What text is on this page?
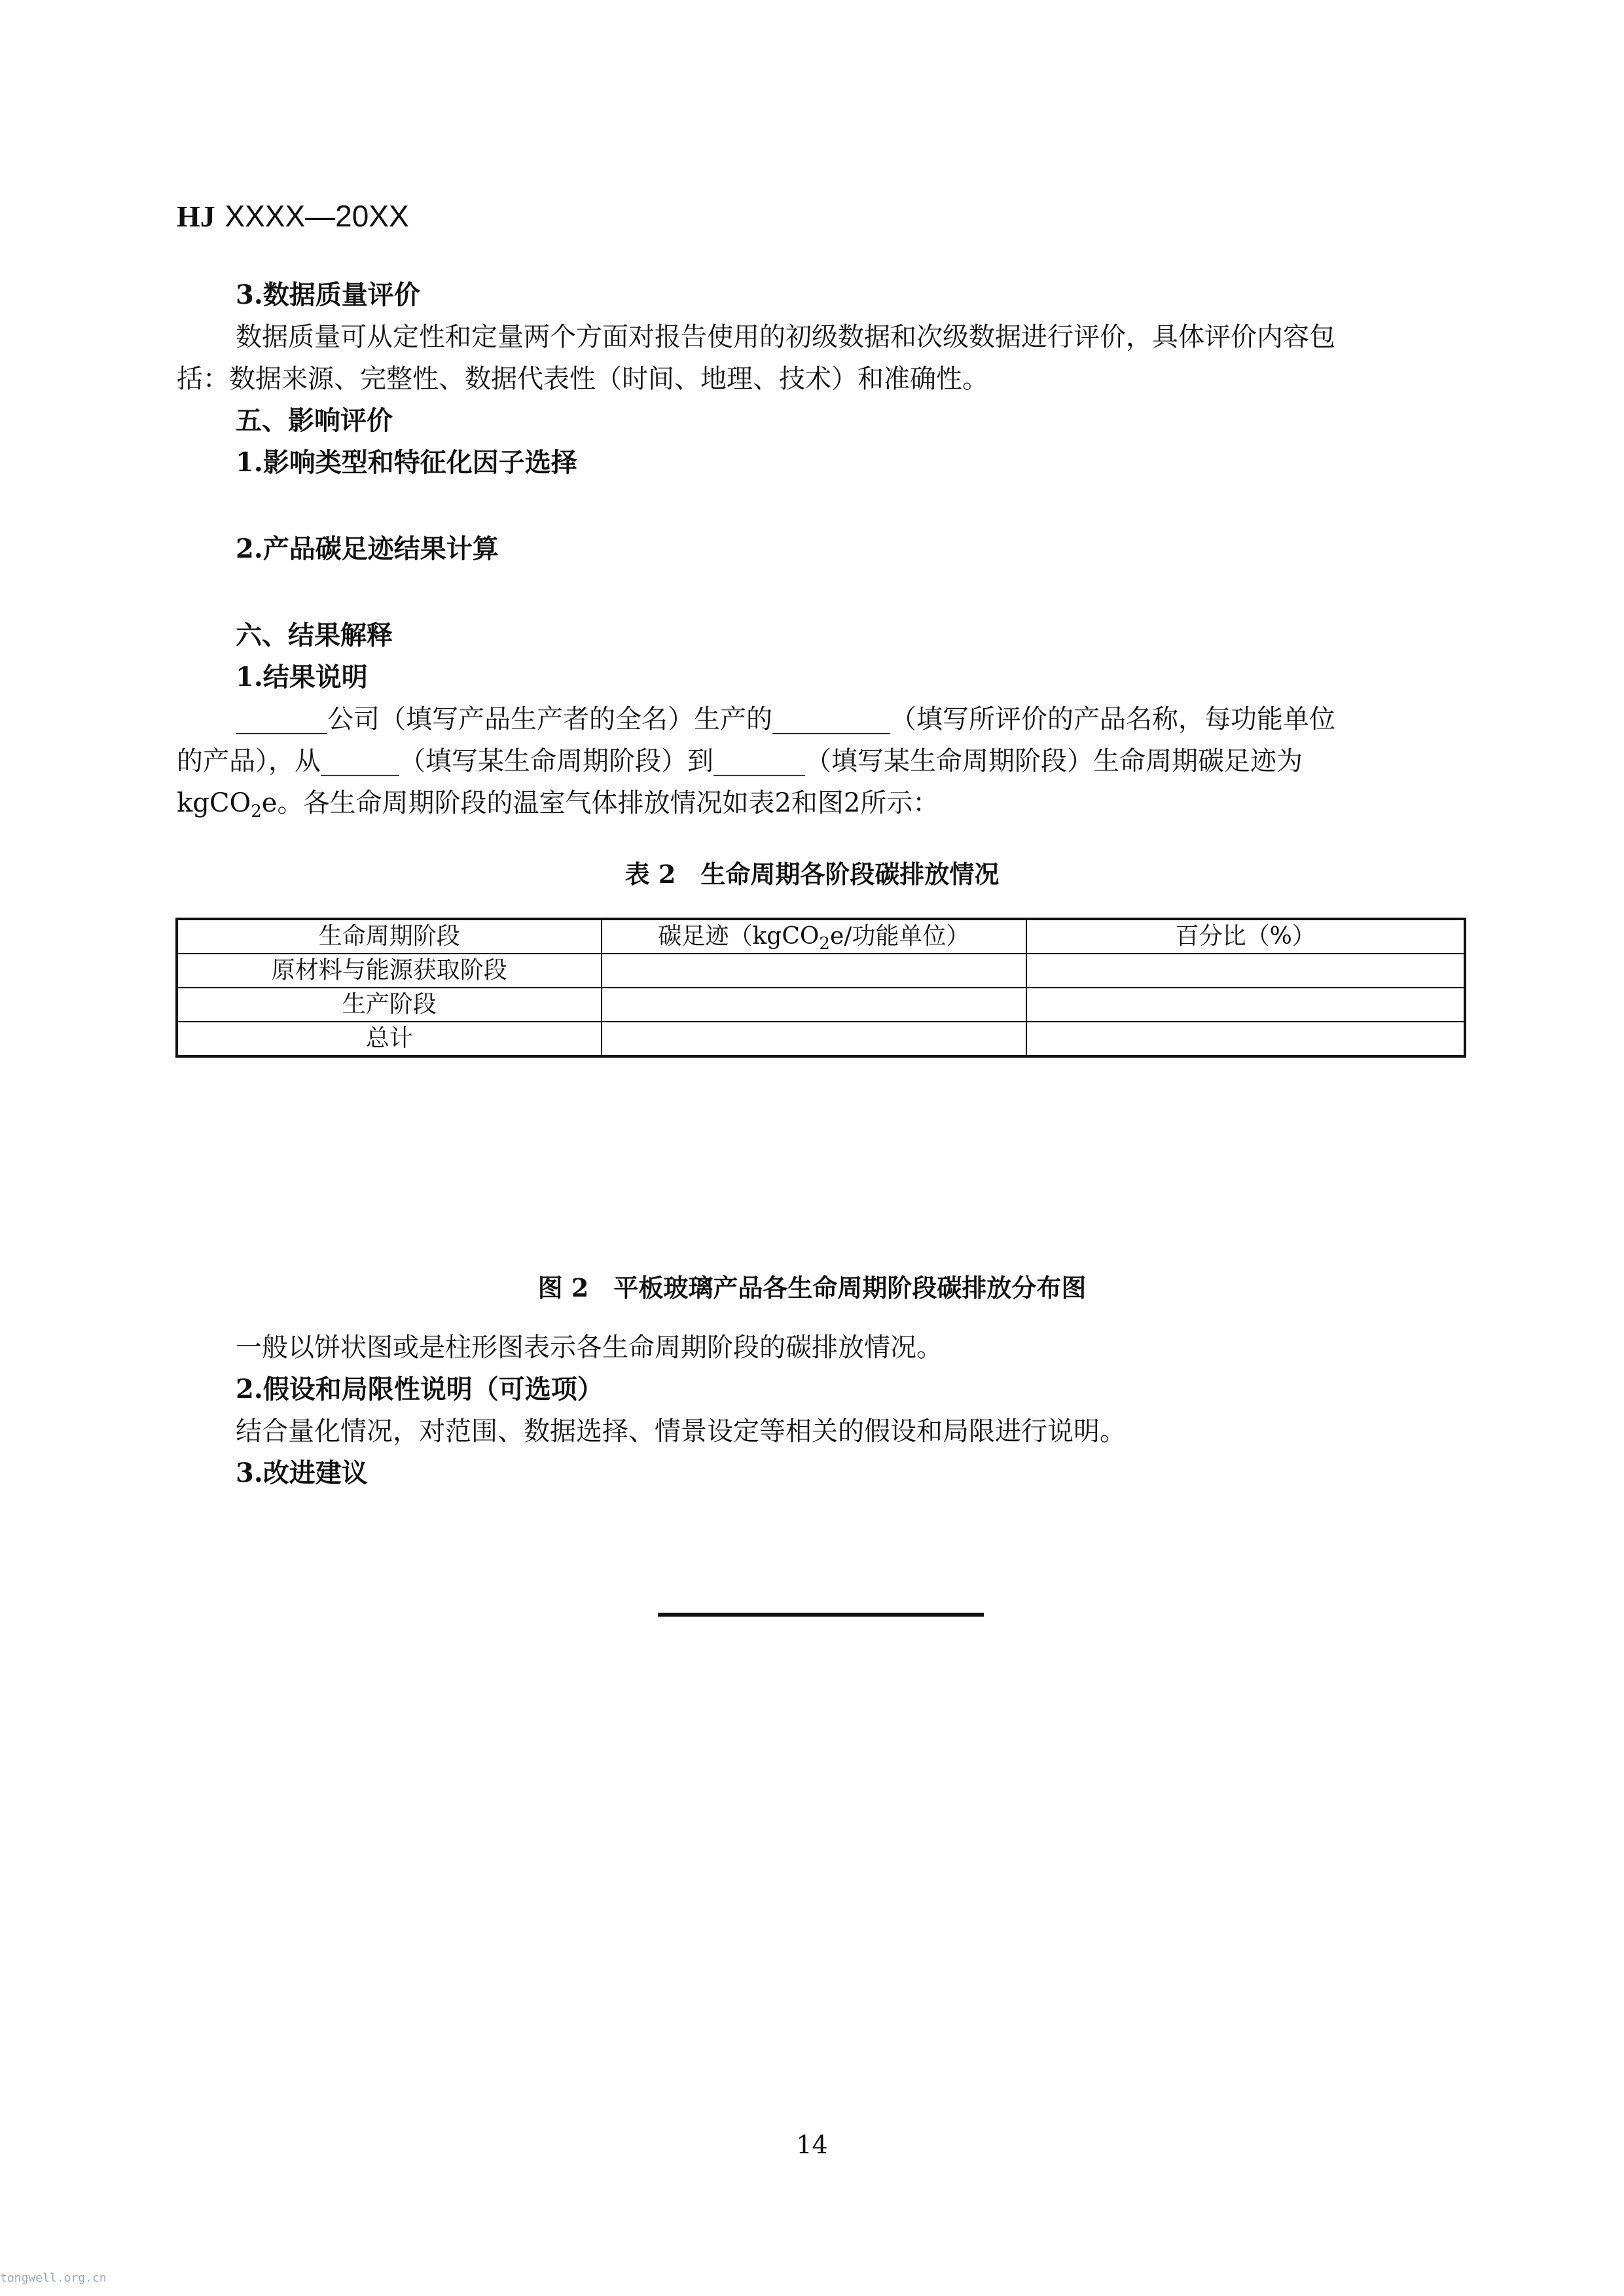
HJ XXXX—20XX

3.数据质量评价

数据质量可从定性和定量两个方面对报告使用的初级数据和次级数据进行评价，具体评价内容包

括：数据来源、完整性、数据代表性（时间、地理、技术）和准确性。

五、影响评价

1.影响类型和特征化因子选择

2.产品碳足迹结果计算

六、结果解释

1.结果说明

_______公司（填写产品生产者的全名）生产的_________（填写所评价的产品名称，每功能单位

的产品），从______（填写某生命周期阶段）到_______（填写某生命周期阶段）生命周期碳足迹为

kgCO$_2$e。各生命周期阶段的温室气体排放情况如表2和图2所示：

表 2　生命周期各阶段碳排放情况

生命周期阶段	碳足迹（kgCO$_2$e/功能单位）	百分比（%）
原材料与能源获取阶段		
生产阶段		
总计		

图 2　平板玻璃产品各生命周期阶段碳排放分布图

一般以饼状图或是柱形图表示各生命周期阶段的碳排放情况。

2.假设和局限性说明（可选项）

结合量化情况，对范围、数据选择、情景设定等相关的假设和局限进行说明。

3.改进建议

14

tongwell.org.cn
